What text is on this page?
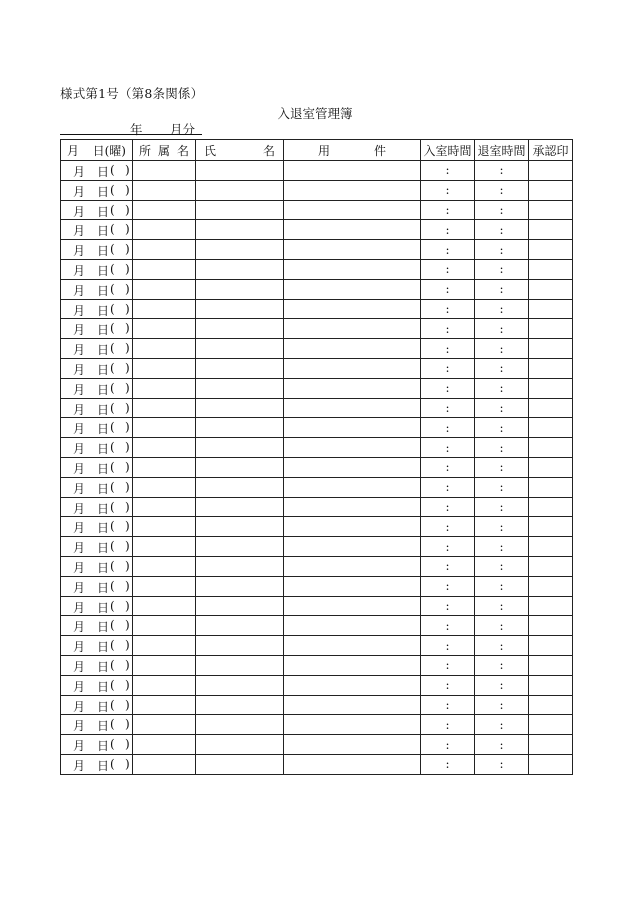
様式第1号（第8条関係）
入退室管理簿
年 月分
月 日(曜)	所 属 名	氏 名	用 件	入室時間	退室時間	承認印

月 日 ( )				:	:	

月 日 ( )				:	:	

月 日 ( )				:	:	

月 日 ( )				:	:	

月 日 ( )				:	:	

月 日 ( )				:	:	

月 日 ( )				:	:	

月 日 ( )				:	:	

月 日 ( )				:	:	

月 日 ( )				:	:	

月 日 ( )				:	:	

月 日 ( )				:	:	

月 日 ( )				:	:	

月 日 ( )				:	:	

月 日 ( )				:	:	

月 日 ( )				:	:	

月 日 ( )				:	:	

月 日 ( )				:	:	

月 日 ( )				:	:	

月 日 ( )				:	:	

月 日 ( )				:	:	

月 日 ( )				:	:	

月 日 ( )				:	:	

月 日 ( )				:	:	

月 日 ( )				:	:	

月 日 ( )				:	:	

月 日 ( )				:	:	

月 日 ( )				:	:	

月 日 ( )				:	:	

月 日 ( )				:	:	

月 日 ( )				:	:	
